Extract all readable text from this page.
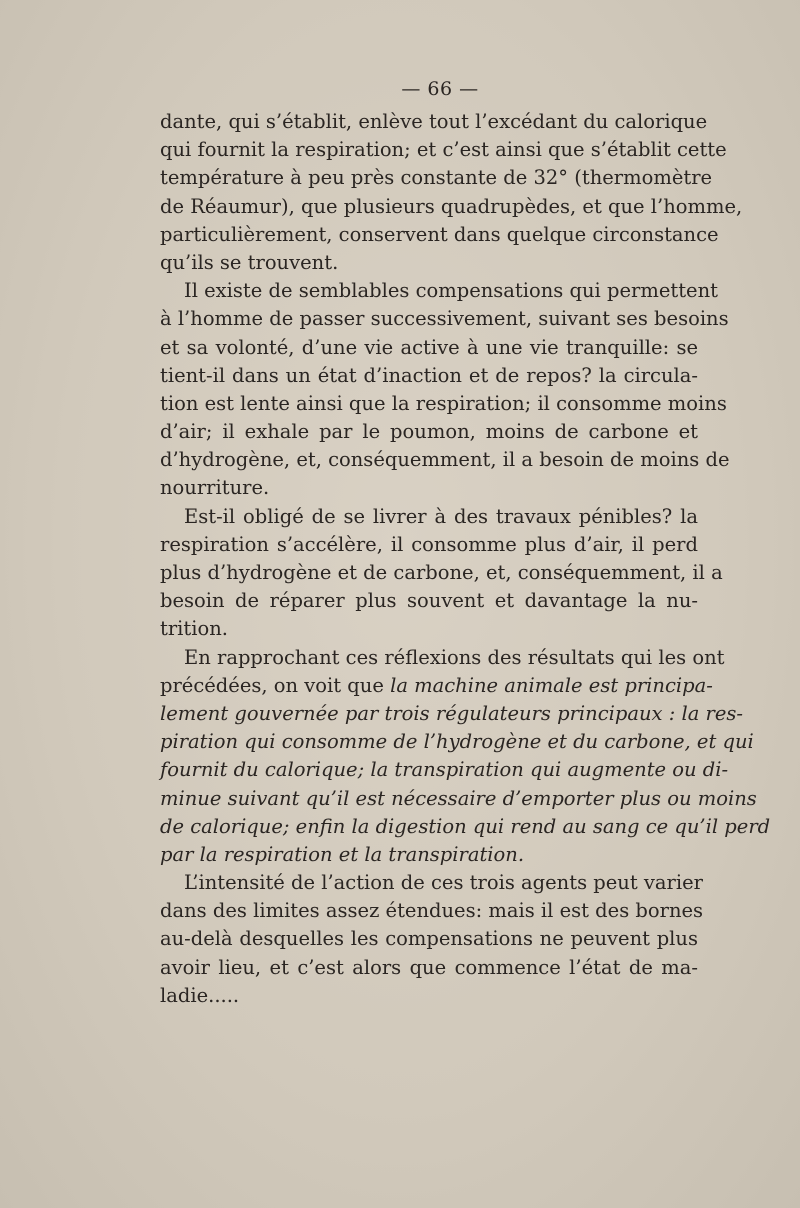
— 66 —
dante, qui s’établit, enlève tout l’excédant du calorique
qui fournit la respiration; et c’est ainsi que s’établit cette
température à peu près constante de 32° (thermomètre
de Réaumur), que plusieurs quadrupèdes, et que l’homme,
particulièrement, conservent dans quelque circonstance
qu’ils se trouvent.
Il existe de semblables compensations qui permettent
à l’homme de passer successivement, suivant ses besoins
et sa volonté, d’une vie active à une vie tranquille: se
tient-il dans un état d’inaction et de repos? la circula-
tion est lente ainsi que la respiration; il consomme moins
d’air; il exhale par le poumon, moins de carbone et
d’hydrogène, et, conséquemment, il a besoin de moins de
nourriture.
Est-il obligé de se livrer à des travaux pénibles? la
respiration s’accélère, il consomme plus d’air, il perd
plus d’hydrogène et de carbone, et, conséquemment, il a
besoin de réparer plus souvent et davantage la nu-
trition.
En rapprochant ces réflexions des résultats qui les ont
précédées, on voit que la machine animale est principa-
lement gouvernée par trois régulateurs principaux : la res-
piration qui consomme de l’hydrogène et du carbone, et qui
fournit du calorique; la transpiration qui augmente ou di-
minue suivant qu’il est nécessaire d’emporter plus ou moins
de calorique; enfin la digestion qui rend au sang ce qu’il perd
par la respiration et la transpiration.
L’intensité de l’action de ces trois agents peut varier
dans des limites assez étendues: mais il est des bornes
au-delà desquelles les compensations ne peuvent plus
avoir lieu, et c’est alors que commence l’état de ma-
ladie.....
